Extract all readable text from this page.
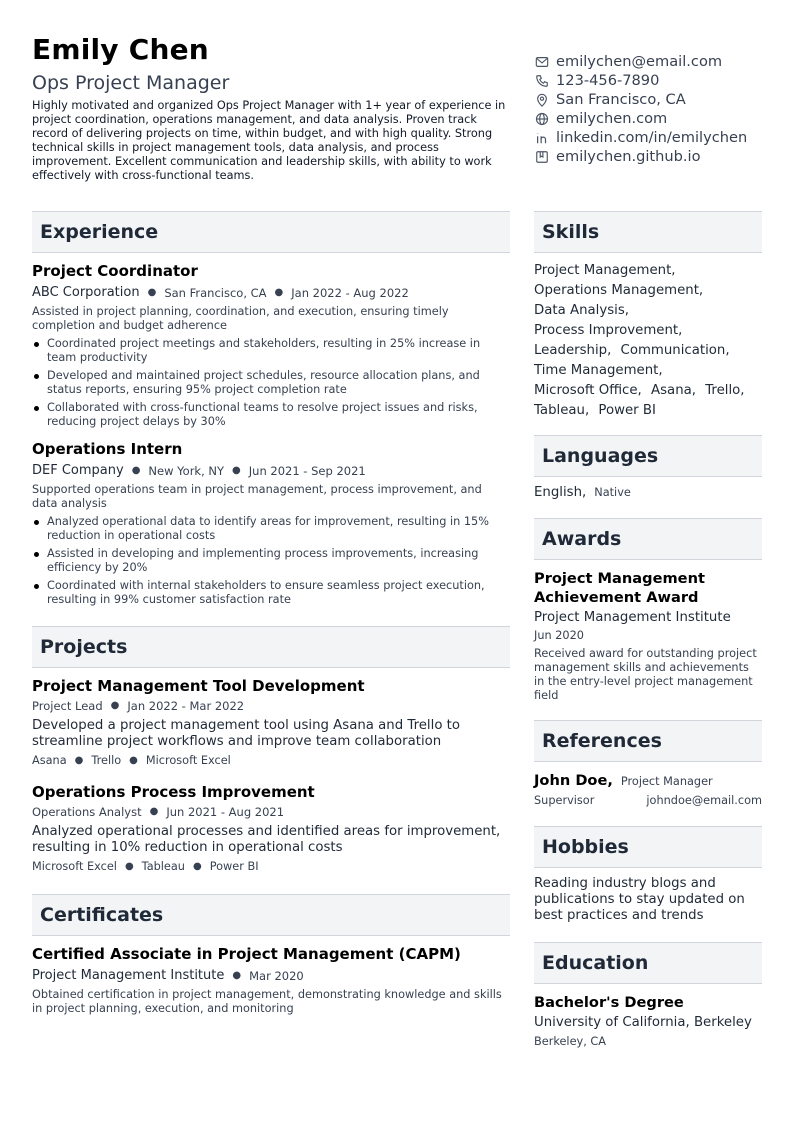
Emily Chen
Ops Project Manager
Highly motivated and organized Ops Project Manager with 1+ year of experience in project coordination, operations management, and data analysis. Proven track record of delivering projects on time, within budget, and with high quality. Strong technical skills in project management tools, data analysis, and process improvement. Excellent communication and leadership skills, with ability to work effectively with cross-functional teams.
emilychen@email.com
123-456-7890
San Francisco, CA
emilychen.com
linkedin.com/in/emilychen
emilychen.github.io
Experience
Project Coordinator
ABC Corporation ● San Francisco, CA ● Jan 2022 - Aug 2022
Assisted in project planning, coordination, and execution, ensuring timely completion and budget adherence
Coordinated project meetings and stakeholders, resulting in 25% increase in team productivity
Developed and maintained project schedules, resource allocation plans, and status reports, ensuring 95% project completion rate
Collaborated with cross-functional teams to resolve project issues and risks, reducing project delays by 30%
Operations Intern
DEF Company ● New York, NY ● Jun 2021 - Sep 2021
Supported operations team in project management, process improvement, and data analysis
Analyzed operational data to identify areas for improvement, resulting in 15% reduction in operational costs
Assisted in developing and implementing process improvements, increasing efficiency by 20%
Coordinated with internal stakeholders to ensure seamless project execution, resulting in 99% customer satisfaction rate
Projects
Project Management Tool Development
Project Lead ● Jan 2022 - Mar 2022
Developed a project management tool using Asana and Trello to streamline project workflows and improve team collaboration
Asana ● Trello ● Microsoft Excel
Operations Process Improvement
Operations Analyst ● Jun 2021 - Aug 2021
Analyzed operational processes and identified areas for improvement, resulting in 10% reduction in operational costs
Microsoft Excel ● Tableau ● Power BI
Certificates
Certified Associate in Project Management (CAPM)
Project Management Institute ● Mar 2020
Obtained certification in project management, demonstrating knowledge and skills in project planning, execution, and monitoring
Skills
Project Management,
Operations Management,
Data Analysis,
Process Improvement,
Leadership, Communication,
Time Management,
Microsoft Office, Asana, Trello,
Tableau, Power BI
Languages
English, Native
Awards
Project Management Achievement Award
Project Management Institute
Jun 2020
Received award for outstanding project management skills and achievements in the entry-level project management field
References
John Doe, Project Manager
Supervisor	johndoe@email.com
Hobbies
Reading industry blogs and publications to stay updated on best practices and trends
Education
Bachelor's Degree
University of California, Berkeley
Berkeley, CA
